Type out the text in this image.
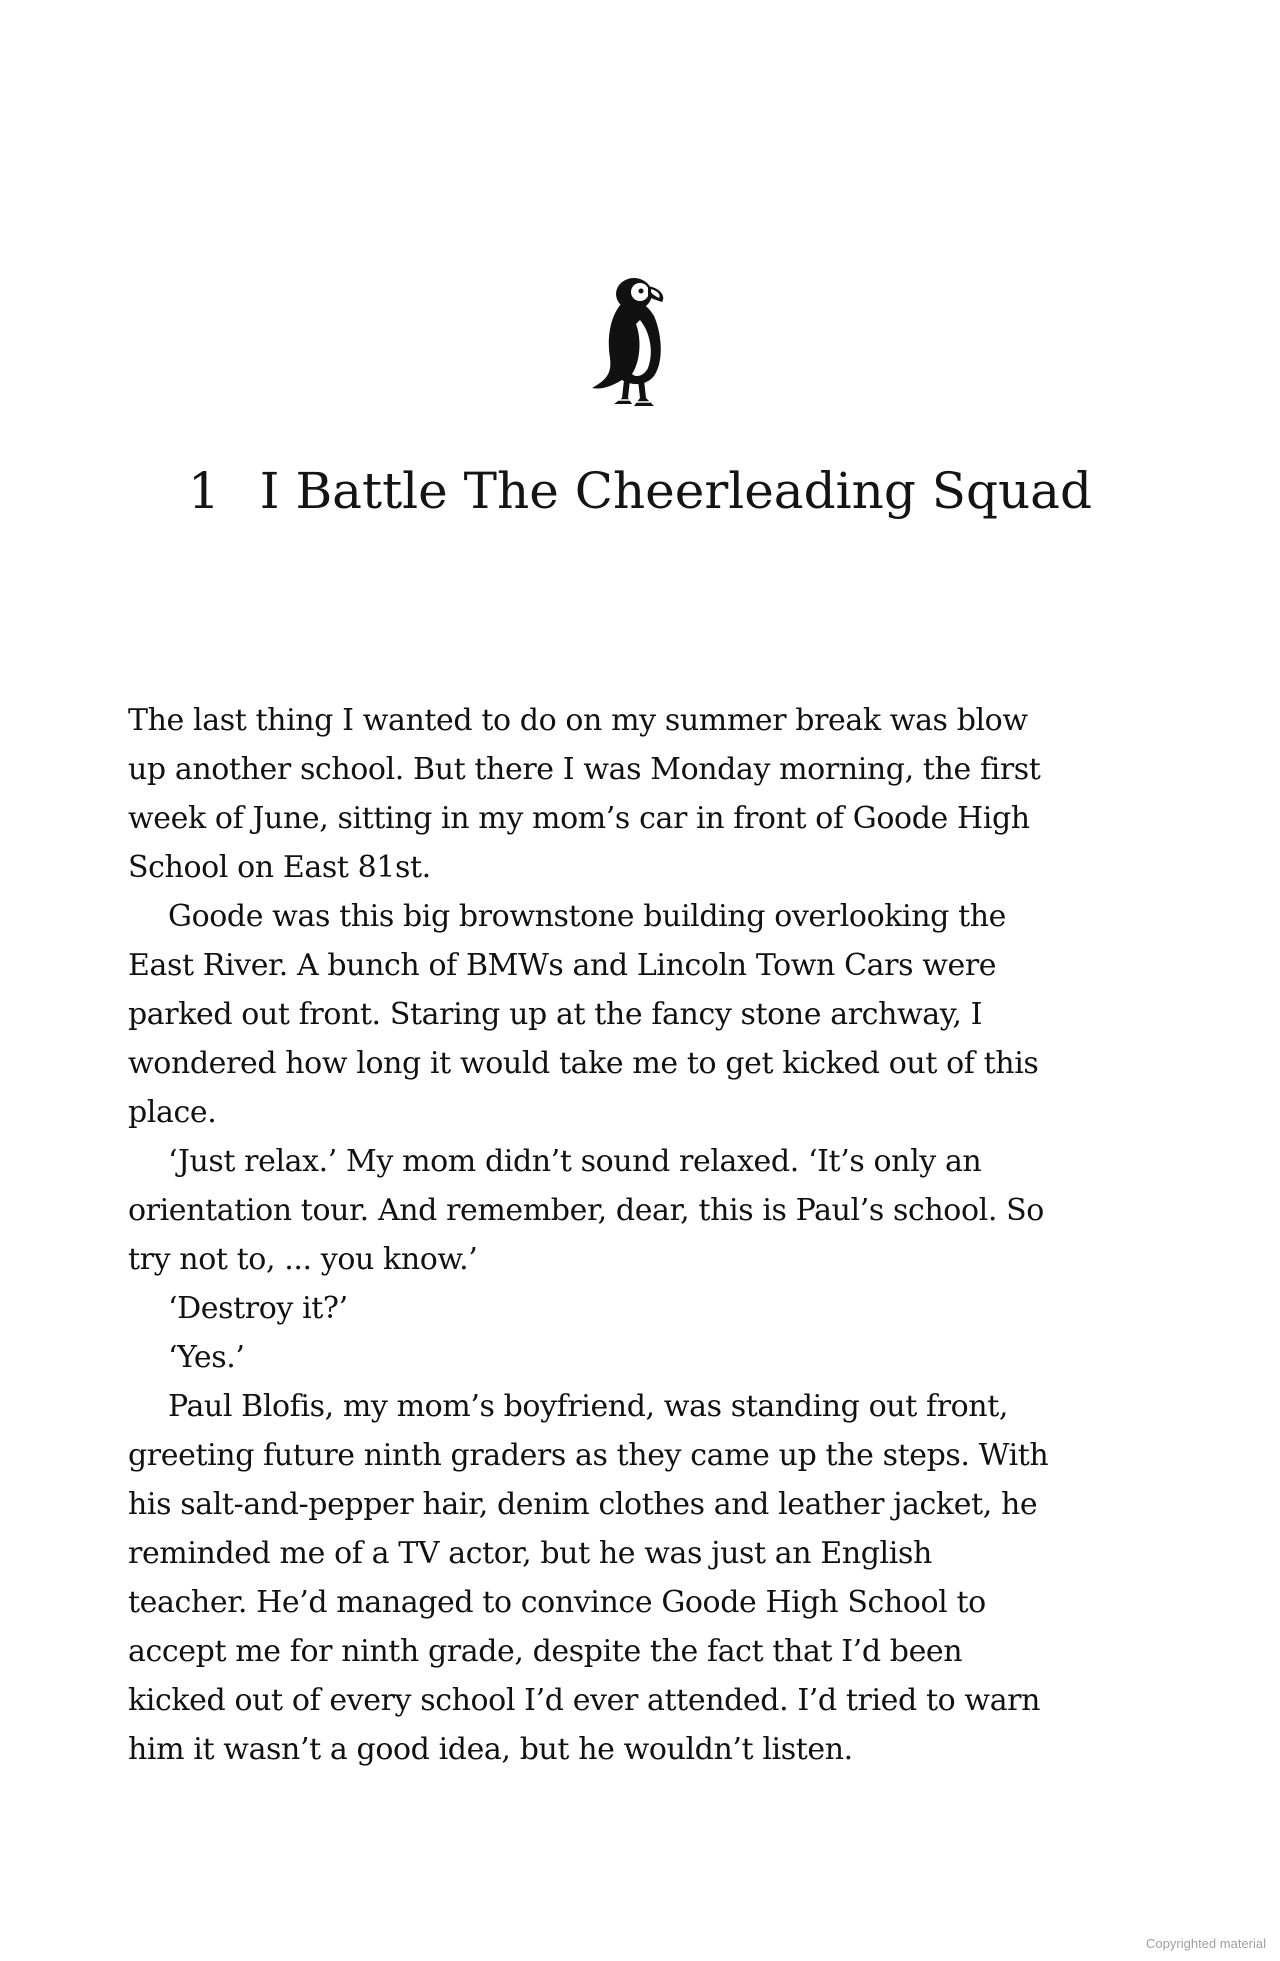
1 I Battle The Cheerleading Squad
The last thing I wanted to do on my summer break was blow
up another school. But there I was Monday morning, the first
week of June, sitting in my mom’s car in front of Goode High
School on East 81st.
Goode was this big brownstone building overlooking the
East River. A bunch of BMWs and Lincoln Town Cars were
parked out front. Staring up at the fancy stone archway, I
wondered how long it would take me to get kicked out of this
place.
‘Just relax.’ My mom didn’t sound relaxed. ‘It’s only an
orientation tour. And remember, dear, this is Paul’s school. So
try not to, ... you know.’
‘Destroy it?’
‘Yes.’
Paul Blofis, my mom’s boyfriend, was standing out front,
greeting future ninth graders as they came up the steps. With
his salt-and-pepper hair, denim clothes and leather jacket, he
reminded me of a TV actor, but he was just an English
teacher. He’d managed to convince Goode High School to
accept me for ninth grade, despite the fact that I’d been
kicked out of every school I’d ever attended. I’d tried to warn
him it wasn’t a good idea, but he wouldn’t listen.
Copyrighted material
